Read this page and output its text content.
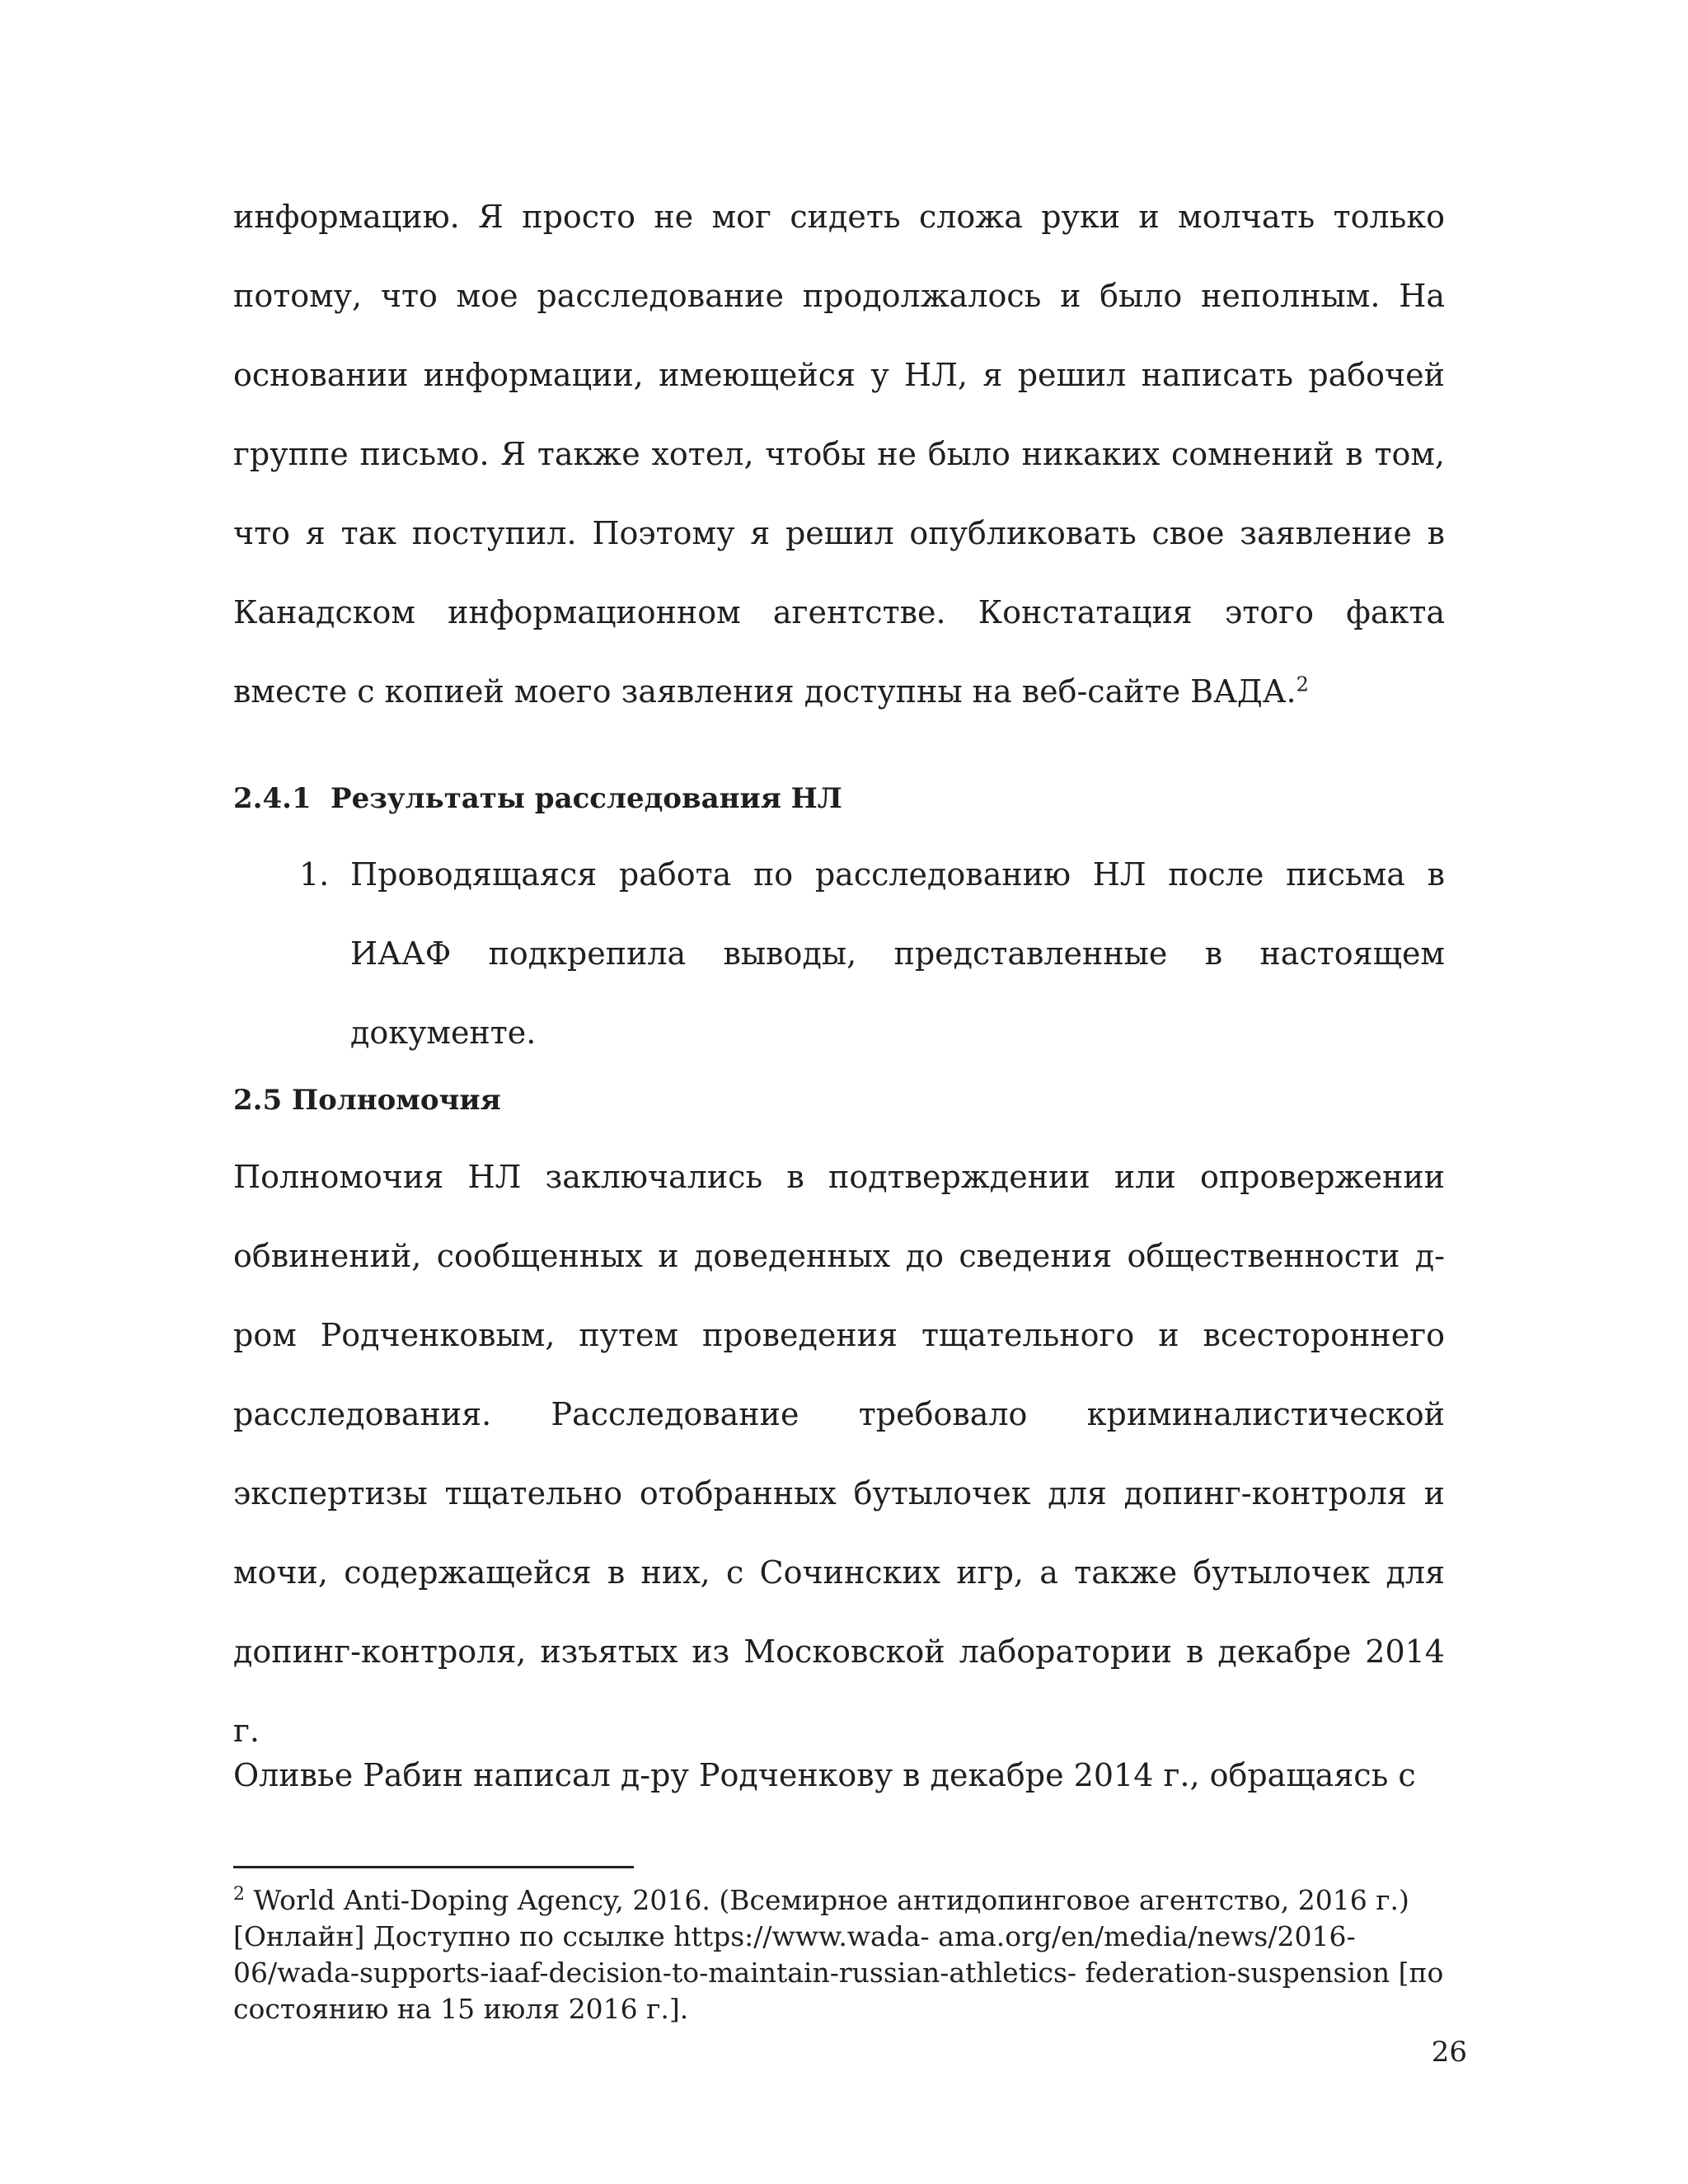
информацию. Я просто не мог сидеть сложа руки и молчать только потому, что мое расследование продолжалось и было неполным. На основании информации, имеющейся у НЛ, я решил написать рабочей группе письмо. Я также хотел, чтобы не было никаких сомнений в том, что я так поступил. Поэтому я решил опубликовать свое заявление в Канадском информационном агентстве. Констатация этого факта вместе с копией моего заявления доступны на веб-сайте ВАДА.$^2$

2.4.1 Результаты расследования НЛ
1. Проводящаяся работа по расследованию НЛ после письма в ИААФ подкрепила выводы, представленные в настоящем документе.
2.5 Полномочия

Полномочия НЛ заключались в подтверждении или опровержении обвинений, сообщенных и доведенных до сведения общественности д-ром Родченковым, путем проведения тщательного и всестороннего расследования. Расследование требовало криминалистической экспертизы тщательно отобранных бутылочек для допинг-контроля и мочи, содержащейся в них, с Сочинских игр, а также бутылочек для допинг-контроля, изъятых из Московской лаборатории в декабре 2014 г.

Оливье Рабин написал д-ру Родченкову в декабре 2014 г., обращаясь с

$^2$ World Anti-Doping Agency, 2016. (Всемирное антидопинговое агентство, 2016 г.) [Онлайн] Доступно по ссылке https://www.wada- ama.org/en/media/news/2016-06/wada-supports-iaaf-decision-to-maintain-russian-athletics- federation-suspension [по состоянию на 15 июля 2016 г.].

26
